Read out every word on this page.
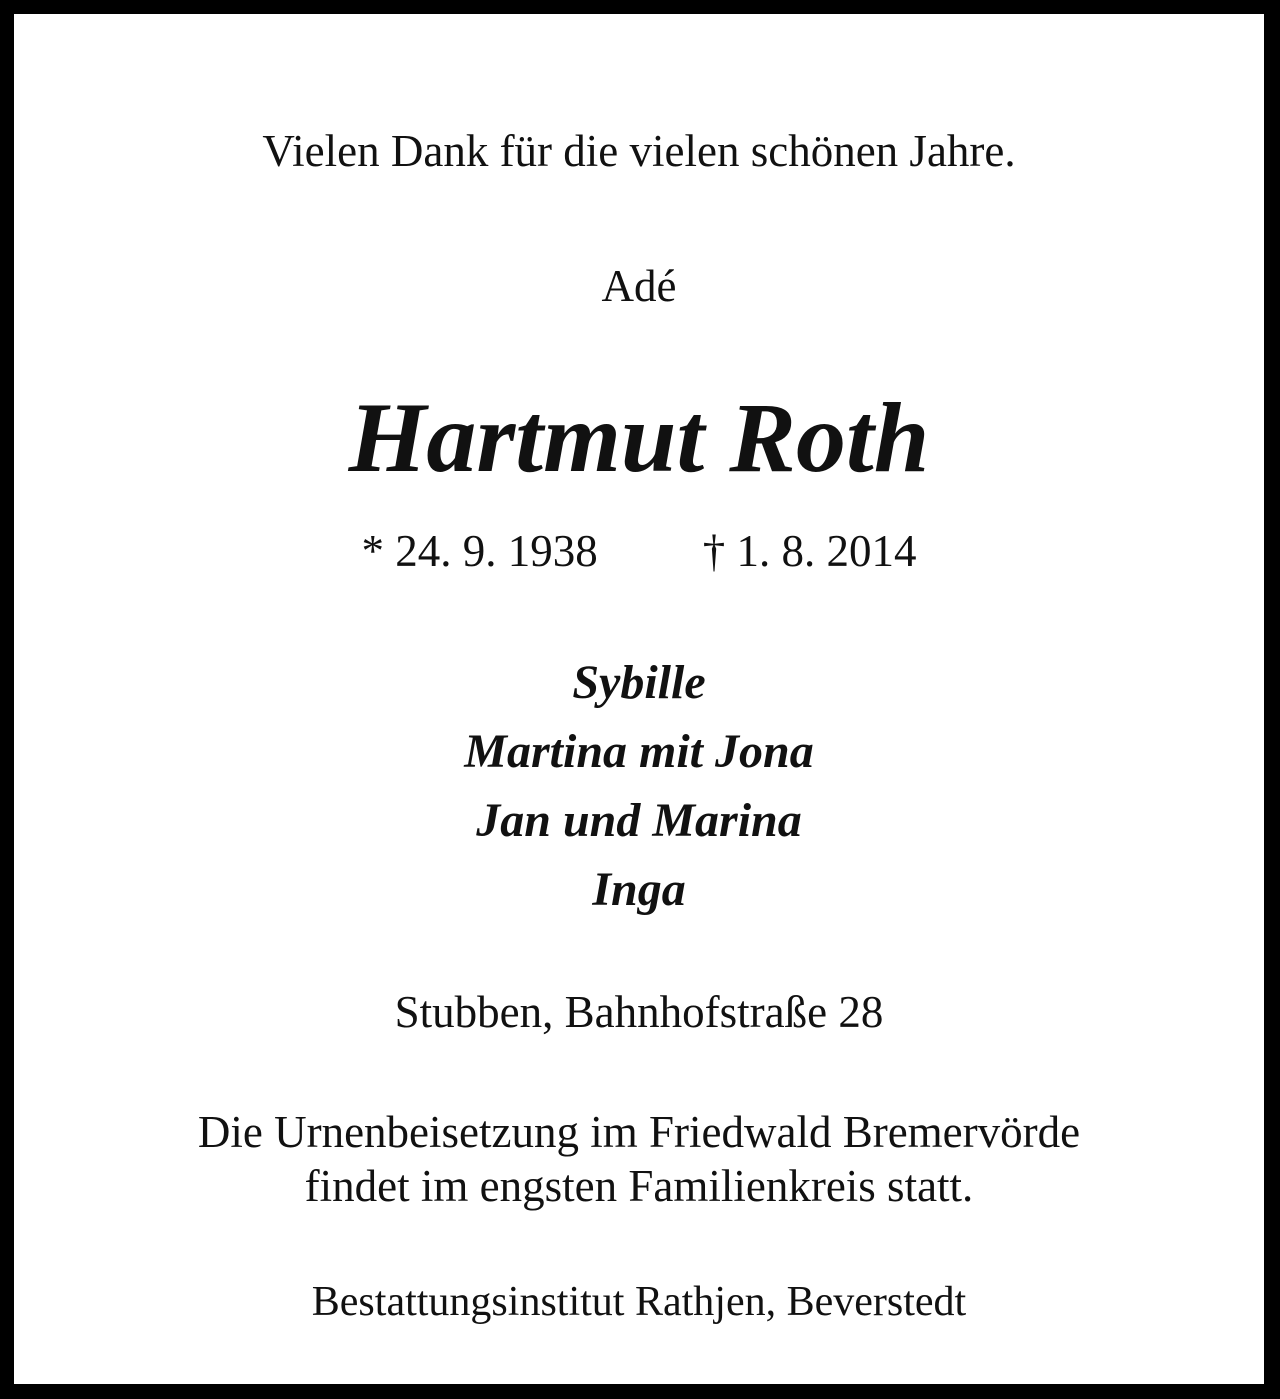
Vielen Dank für die vielen schönen Jahre.
Adé
Hartmut Roth
* 24. 9. 1938 † 1. 8. 2014
Sybille
Martina mit Jona
Jan und Marina
Inga
Stubben, Bahnhofstraße 28
Die Urnenbeisetzung im Friedwald Bremervörde
findet im engsten Familienkreis statt.
Bestattungsinstitut Rathjen, Beverstedt
